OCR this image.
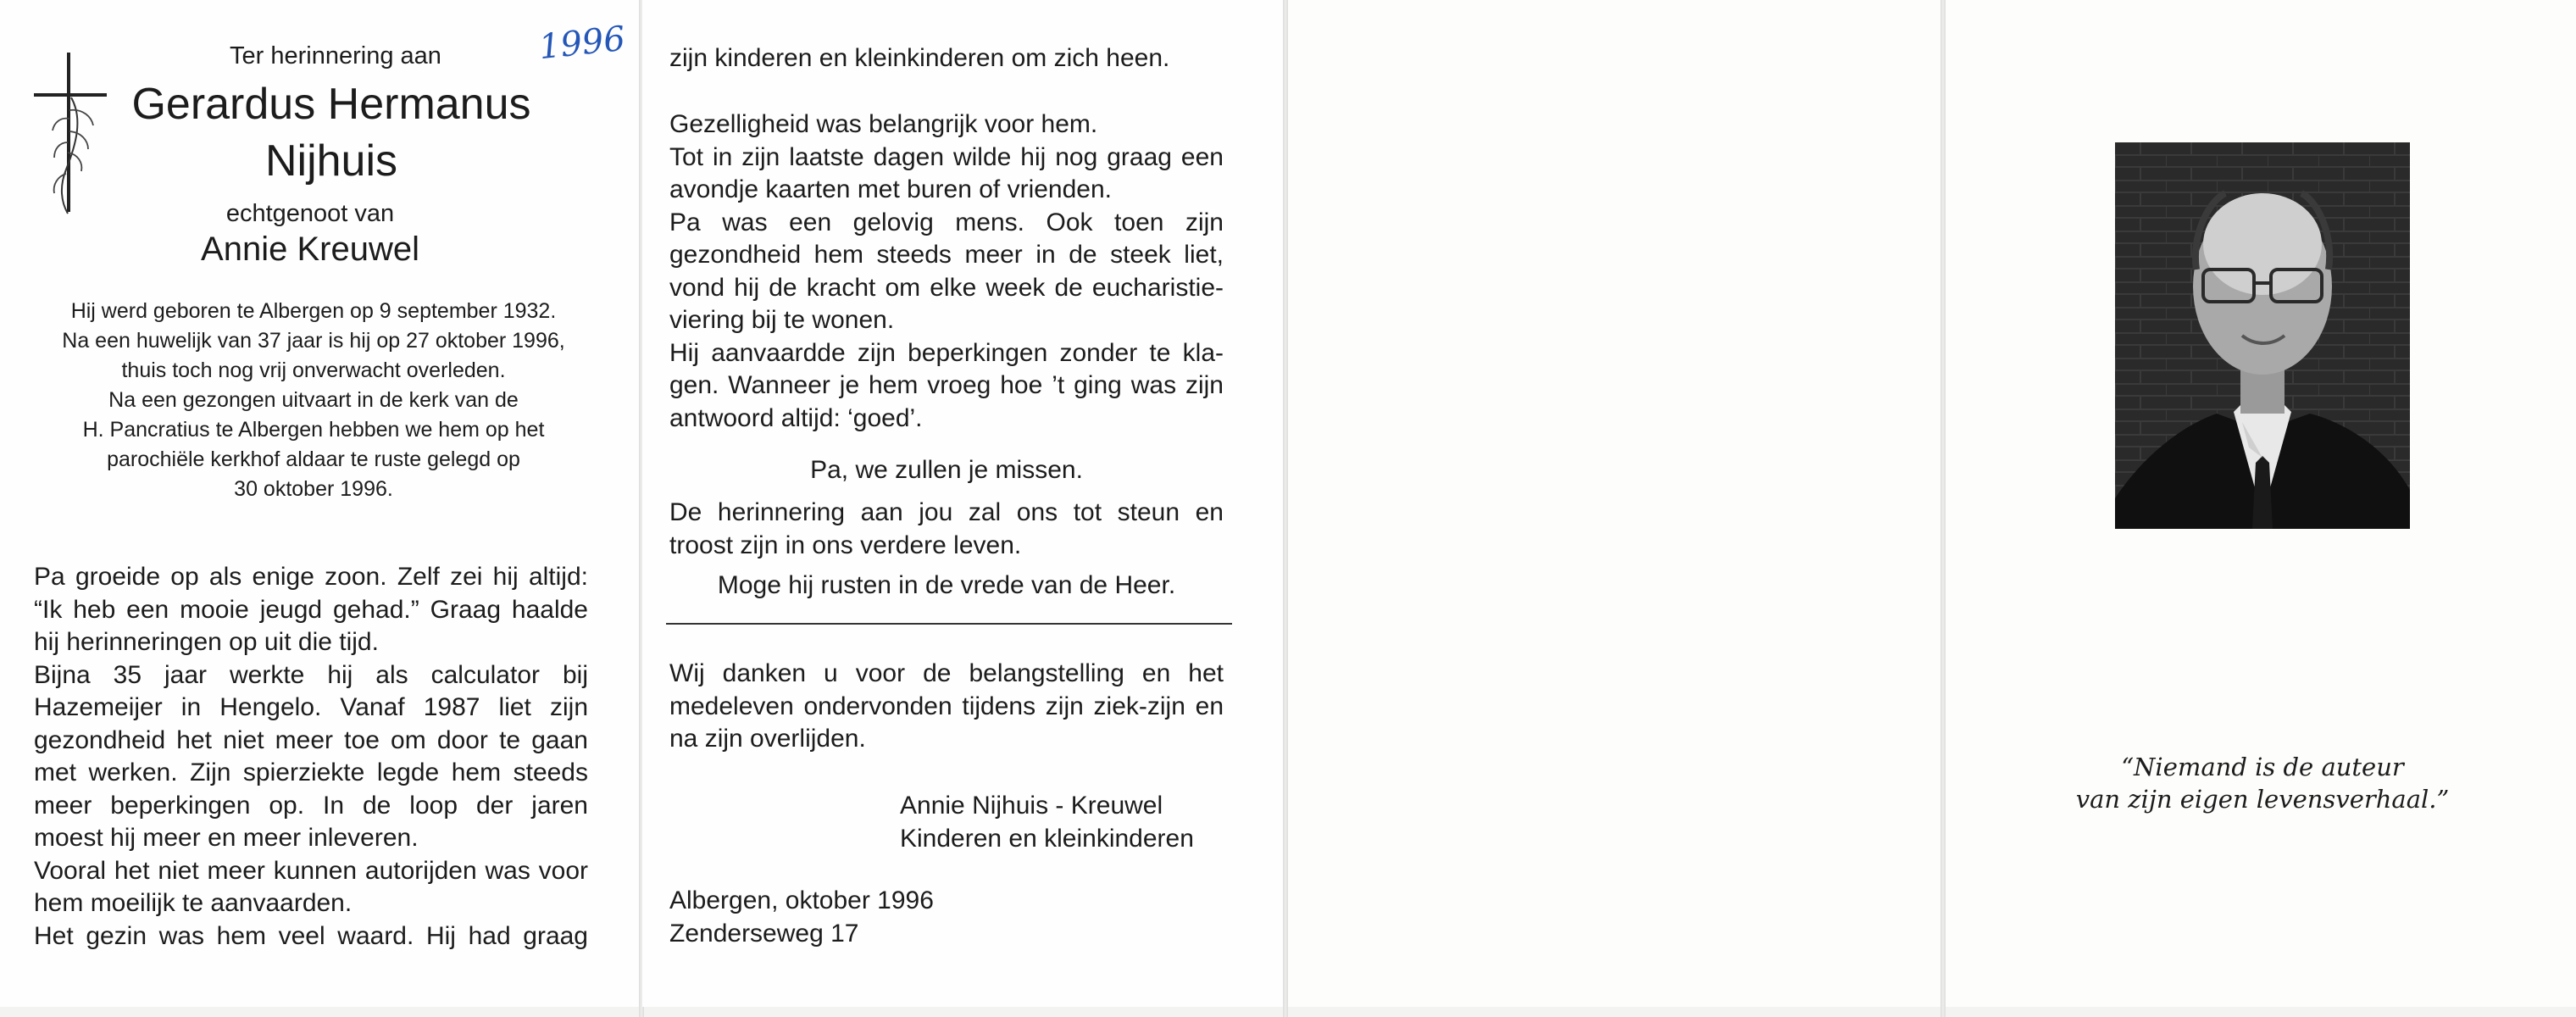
Ter herinnering aan	1996
Gerardus Hermanus
Nijhuis
echtgenoot van
Annie Kreuwel
Hij werd geboren te Albergen op 9 september 1932.
Na een huwelijk van 37 jaar is hij op 27 oktober 1996,
thuis toch nog vrij onverwacht overleden.
Na een gezongen uitvaart in de kerk van de
H. Pancratius te Albergen hebben we hem op het
parochiële kerkhof aldaar te ruste gelegd op
30 oktober 1996.
Pa groeide op als enige zoon. Zelf zei hij altijd:
“Ik heb een mooie jeugd gehad.” Graag haalde
hij herinneringen op uit die tijd.
Bijna 35 jaar werkte hij als calculator bij
Hazemeijer in Hengelo. Vanaf 1987 liet zijn
gezondheid het niet meer toe om door te gaan
met werken. Zijn spierziekte legde hem steeds
meer beperkingen op. In de loop der jaren
moest hij meer en meer inleveren.
Vooral het niet meer kunnen autorijden was voor
hem moeilijk te aanvaarden.
Het gezin was hem veel waard. Hij had graag
zijn kinderen en kleinkinderen om zich heen.
Gezelligheid was belangrijk voor hem.
Tot in zijn laatste dagen wilde hij nog graag een
avondje kaarten met buren of vrienden.
Pa was een gelovig mens. Ook toen zijn
gezondheid hem steeds meer in de steek liet,
vond hij de kracht om elke week de eucharistie-
viering bij te wonen.
Hij aanvaardde zijn beperkingen zonder te kla-
gen. Wanneer je hem vroeg hoe ’t ging was zijn
antwoord altijd: ‘goed’.
Pa, we zullen je missen.
De herinnering aan jou zal ons tot steun en
troost zijn in ons verdere leven.
Moge hij rusten in de vrede van de Heer.
Wij danken u voor de belangstelling en het
medeleven ondervonden tijdens zijn ziek-zijn en
na zijn overlijden.
Annie Nijhuis - Kreuwel
Kinderen en kleinkinderen
Albergen, oktober 1996
Zenderseweg 17
“Niemand is de auteur
van zijn eigen levensverhaal.”
